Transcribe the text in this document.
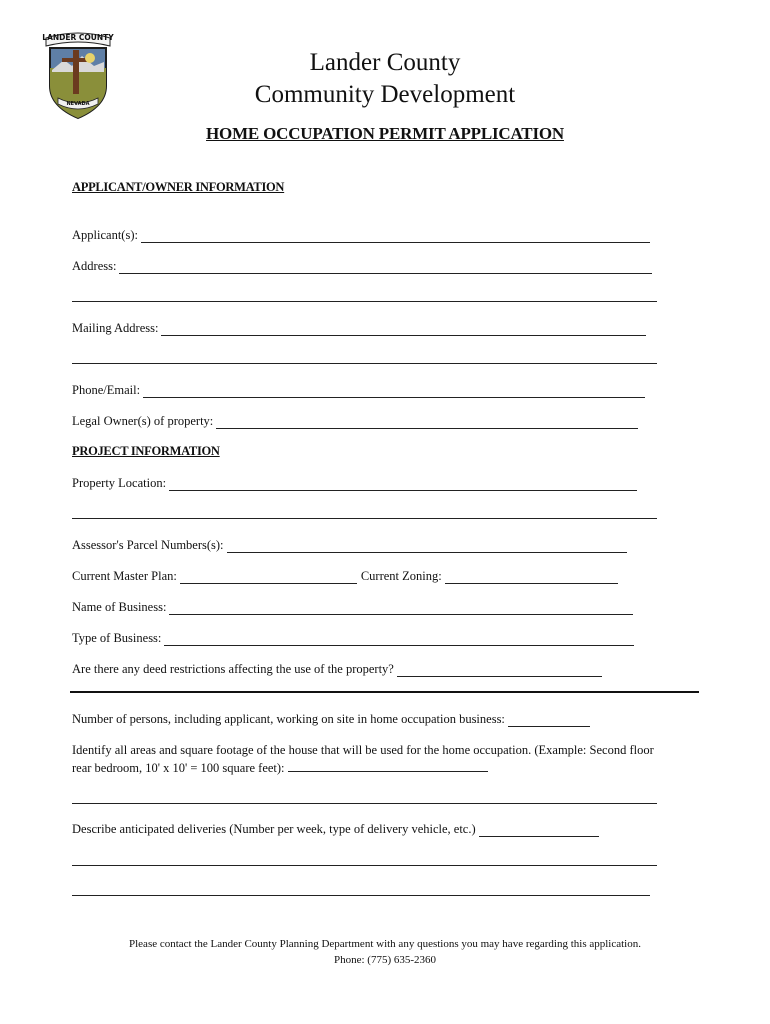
LANDER COUNTY
NEVADA
Lander County
Community Development
HOME OCCUPATION PERMIT APPLICATION
APPLICANT/OWNER INFORMATION
Applicant(s):
Address:
Mailing Address:
Phone/Email:
Legal Owner(s) of property:
PROJECT INFORMATION
Property Location:
Assessor's Parcel Numbers(s):
Current Master Plan:	Current Zoning:
Name of Business:
Type of Business:
Are there any deed restrictions affecting the use of the property?
Number of persons, including applicant, working on site in home occupation business:
Identify all areas and square footage of the house that will be used for the home occupation. (Example: Second floor rear bedroom, 10' x 10' = 100 square feet):
Describe anticipated deliveries (Number per week, type of delivery vehicle, etc.)
Please contact the Lander County Planning Department with any questions you may have regarding this application.
Phone: (775) 635-2360
